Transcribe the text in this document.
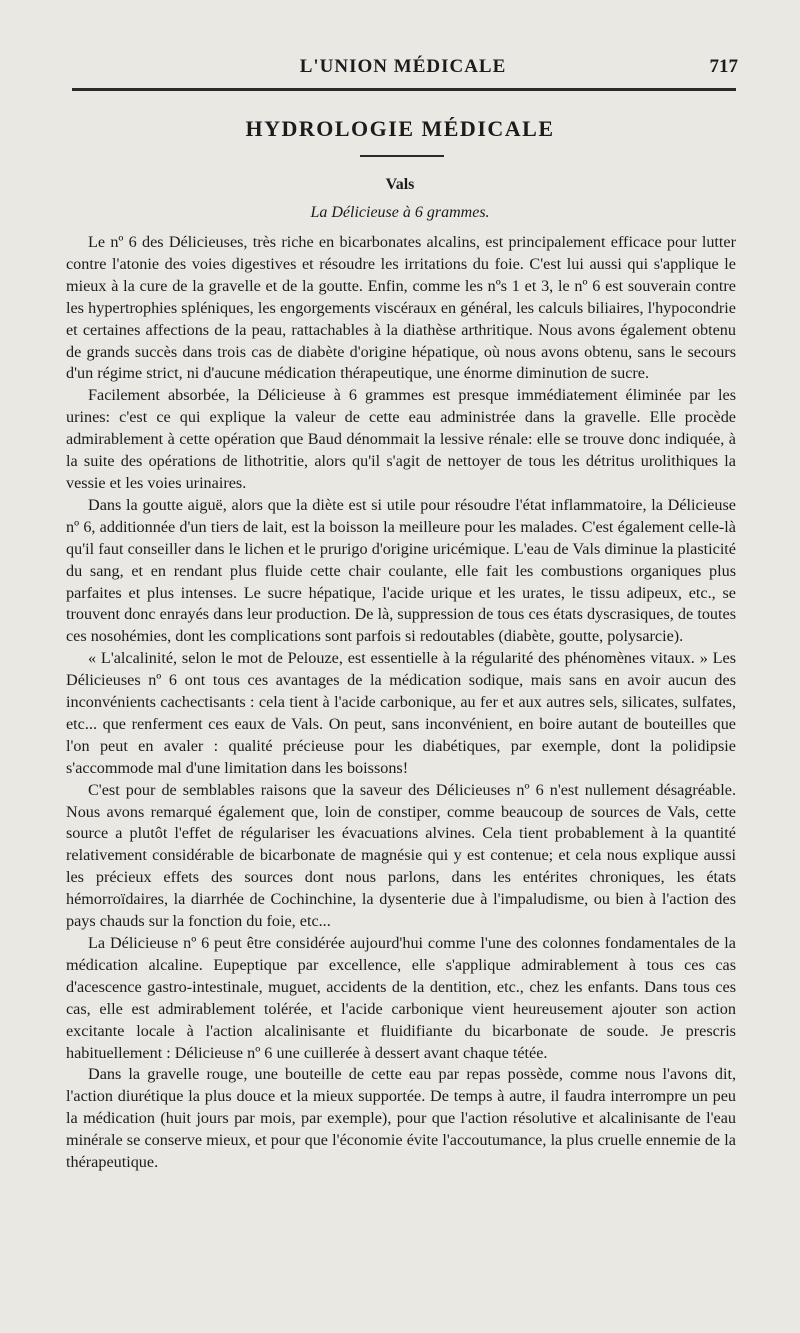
L'UNION MÉDICALE	717
HYDROLOGIE MÉDICALE
Vals
La Délicieuse à 6 grammes.

Le nº 6 des Délicieuses, très riche en bicarbonates alcalins, est principalement efficace pour lutter contre l'atonie des voies digestives et résoudre les irritations du foie. C'est lui aussi qui s'applique le mieux à la cure de la gravelle et de la goutte. Enfin, comme les nºs 1 et 3, le nº 6 est souverain contre les hypertrophies spléniques, les engorgements viscéraux en général, les calculs biliaires, l'hypocondrie et certaines affections de la peau, rattachables à la diathèse arthritique. Nous avons également obtenu de grands succès dans trois cas de diabète d'origine hépatique, où nous avons obtenu, sans le secours d'un régime strict, ni d'aucune médication thérapeutique, une énorme diminution de sucre.

Facilement absorbée, la Délicieuse à 6 grammes est presque immédiatement éliminée par les urines: c'est ce qui explique la valeur de cette eau administrée dans la gravelle. Elle procède admirablement à cette opération que Baud dénommait la lessive rénale: elle se trouve donc indiquée, à la suite des opérations de lithotritie, alors qu'il s'agit de nettoyer de tous les détritus urolithiques la vessie et les voies urinaires.

Dans la goutte aiguë, alors que la diète est si utile pour résoudre l'état inflammatoire, la Délicieuse nº 6, additionnée d'un tiers de lait, est la boisson la meilleure pour les malades. C'est également celle-là qu'il faut conseiller dans le lichen et le prurigo d'origine uricémique. L'eau de Vals diminue la plasticité du sang, et en rendant plus fluide cette chair coulante, elle fait les combustions organiques plus parfaites et plus intenses. Le sucre hépatique, l'acide urique et les urates, le tissu adipeux, etc., se trouvent donc enrayés dans leur production. De là, suppression de tous ces états dyscrasiques, de toutes ces nosohémies, dont les complications sont parfois si redoutables (diabète, goutte, polysarcie).

« L'alcalinité, selon le mot de Pelouze, est essentielle à la régularité des phénomènes vitaux. » Les Délicieuses nº 6 ont tous ces avantages de la médication sodique, mais sans en avoir aucun des inconvénients cachectisants : cela tient à l'acide carbonique, au fer et aux autres sels, silicates, sulfates, etc... que renferment ces eaux de Vals. On peut, sans inconvénient, en boire autant de bouteilles que l'on peut en avaler : qualité précieuse pour les diabétiques, par exemple, dont la polidipsie s'accommode mal d'une limitation dans les boissons!

C'est pour de semblables raisons que la saveur des Délicieuses nº 6 n'est nullement désagréable. Nous avons remarqué également que, loin de constiper, comme beaucoup de sources de Vals, cette source a plutôt l'effet de régulariser les évacuations alvines. Cela tient probablement à la quantité relativement considérable de bicarbonate de magnésie qui y est contenue; et cela nous explique aussi les précieux effets des sources dont nous parlons, dans les entérites chroniques, les états hémorroïdaires, la diarrhée de Cochinchine, la dysenterie due à l'impaludisme, ou bien à l'action des pays chauds sur la fonction du foie, etc...

La Délicieuse nº 6 peut être considérée aujourd'hui comme l'une des colonnes fondamentales de la médication alcaline. Eupeptique par excellence, elle s'applique admirablement à tous ces cas d'acescence gastro-intestinale, muguet, accidents de la dentition, etc., chez les enfants. Dans tous ces cas, elle est admirablement tolérée, et l'acide carbonique vient heureusement ajouter son action excitante locale à l'action alcalinisante et fluidifiante du bicarbonate de soude. Je prescris habituellement : Délicieuse nº 6 une cuillerée à dessert avant chaque tétée.

Dans la gravelle rouge, une bouteille de cette eau par repas possède, comme nous l'avons dit, l'action diurétique la plus douce et la mieux supportée. De temps à autre, il faudra interrompre un peu la médication (huit jours par mois, par exemple), pour que l'action résolutive et alcalinisante de l'eau minérale se conserve mieux, et pour que l'économie évite l'accoutumance, la plus cruelle ennemie de la thérapeutique.
